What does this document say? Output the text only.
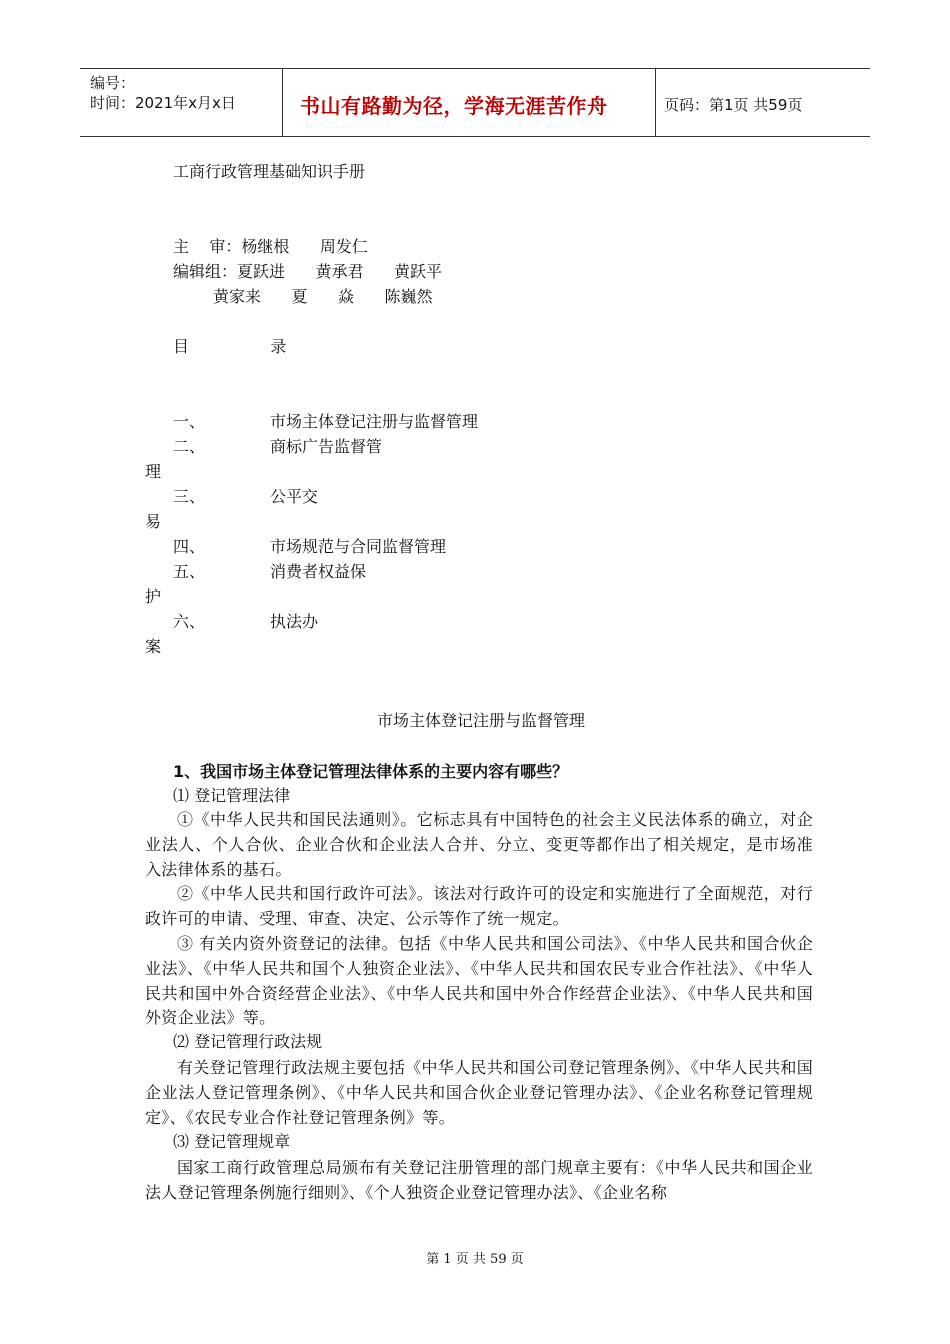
编号：
时间：2021年x月x日	书山有路勤为径，学海无涯苦作舟	页码：第1页 共59页
工商行政管理基础知识手册
主    审：杨继根      周发仁
编辑组：夏跃进      黄承君      黄跃平
黄家来      夏      焱      陈巍然
目                录
一、	市场主体登记注册与监督管理
二、	商标广告监督管
理
三、	公平交
易
四、	市场规范与合同监督管理
五、	消费者权益保
护
六、	执法办
案
市场主体登记注册与监督管理
1、我国市场主体登记管理法律体系的主要内容有哪些？
⑴ 登记管理法律
①《中华人民共和国民法通则》。它标志具有中国特色的社会主义民法体系的确立，对企业法人、个人合伙、企业合伙和企业法人合并、分立、变更等都作出了相关规定，是市场准入法律体系的基石。
②《中华人民共和国行政许可法》。该法对行政许可的设定和实施进行了全面规范，对行政许可的申请、受理、审查、决定、公示等作了统一规定。
③ 有关内资外资登记的法律。包括《中华人民共和国公司法》、《中华人民共和国合伙企业法》、《中华人民共和国个人独资企业法》、《中华人民共和国农民专业合作社法》、《中华人民共和国中外合资经营企业法》、《中华人民共和国中外合作经营企业法》、《中华人民共和国外资企业法》等。
⑵ 登记管理行政法规
有关登记管理行政法规主要包括《中华人民共和国公司登记管理条例》、《中华人民共和国企业法人登记管理条例》、《中华人民共和国合伙企业登记管理办法》、《企业名称登记管理规定》、《农民专业合作社登记管理条例》等。
⑶ 登记管理规章
国家工商行政管理总局颁布有关登记注册管理的部门规章主要有：《中华人民共和国企业法人登记管理条例施行细则》、《个人独资企业登记管理办法》、《企业名称
第 1 页 共 59 页
